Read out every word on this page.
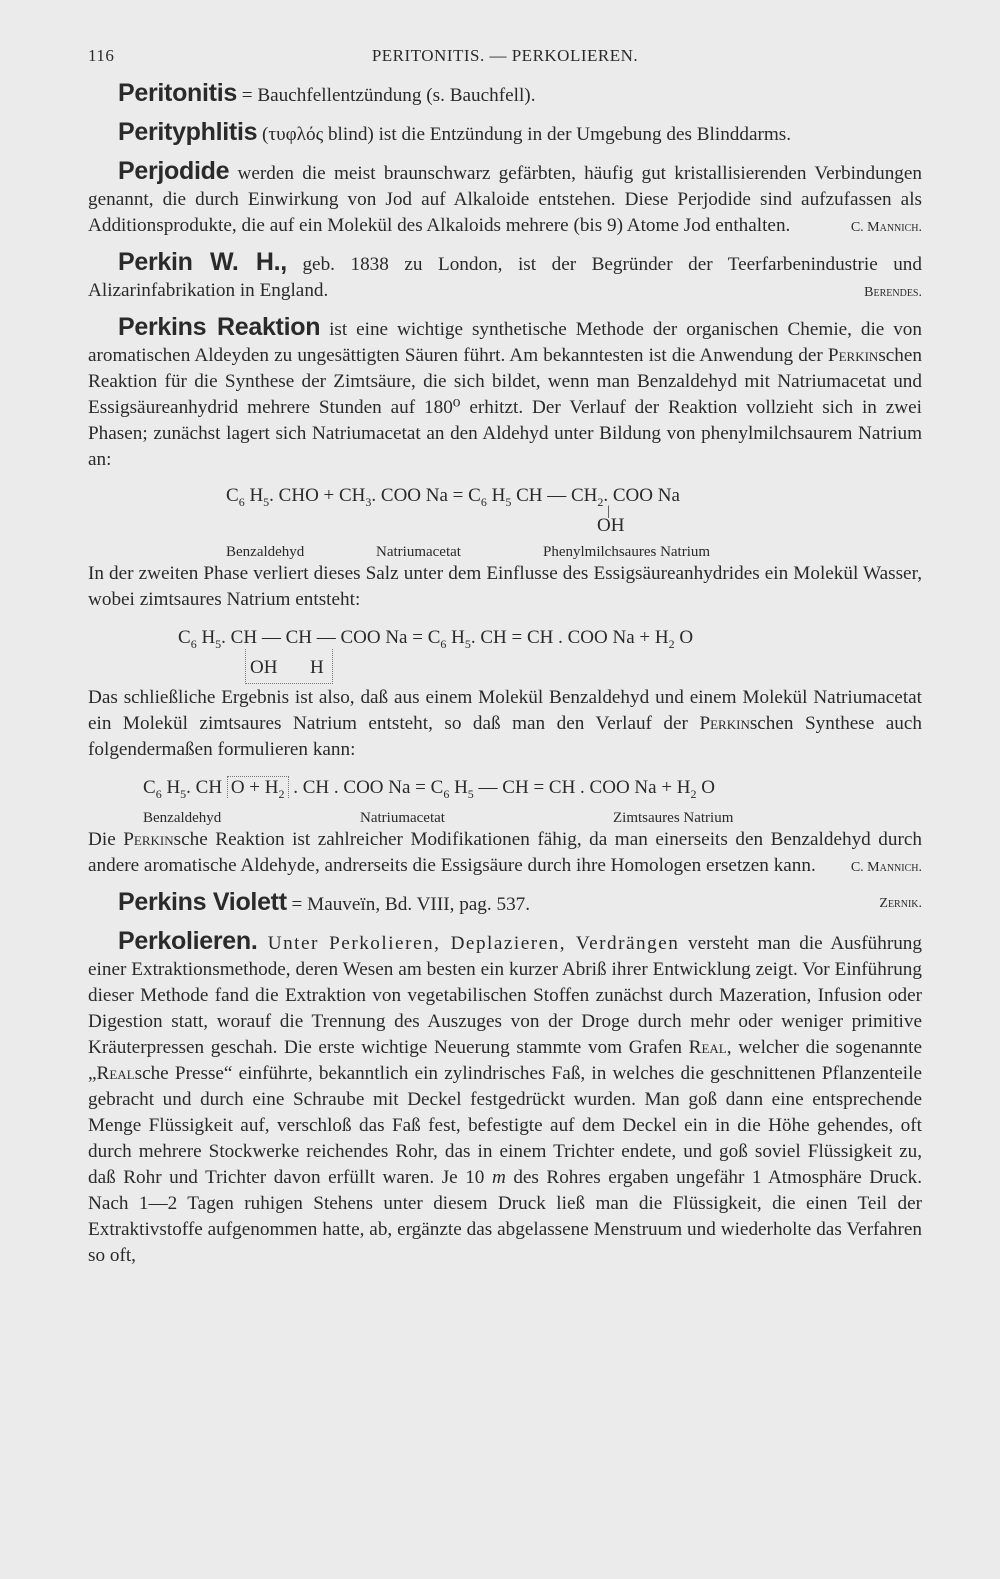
116	PERITONITIS. — PERKOLIEREN.

Peritonitis = Bauchfellentzündung (s. Bauchfell).

Perityphlitis (τυφλός blind) ist die Entzündung in der Umgebung des Blinddarms.

Perjodide werden die meist braunschwarz gefärbten, häufig gut kristallisierenden Verbindungen genannt, die durch Einwirkung von Jod auf Alkaloide entstehen. Diese Perjodide sind aufzufassen als Additionsprodukte, die auf ein Molekül des Alkaloids mehrere (bis 9) Atome Jod enthalten.	C. Mannich.

Perkin W. H., geb. 1838 zu London, ist der Begründer der Teerfarbenindustrie und Alizarinfabrikation in England.	Berendes.

Perkins Reaktion ist eine wichtige synthetische Methode der organischen Chemie, die von aromatischen Aldeyden zu ungesättigten Säuren führt. Am bekanntesten ist die Anwendung der Perkinschen Reaktion für die Synthese der Zimtsäure, die sich bildet, wenn man Benzaldehyd mit Natriumacetat und Essigsäureanhydrid mehrere Stunden auf 180⁰ erhitzt. Der Verlauf der Reaktion vollzieht sich in zwei Phasen; zunächst lagert sich Natriumacetat an den Aldehyd unter Bildung von phenylmilchsaurem Natrium an:

$C_6$ $H_5$. CHO + $CH_3$. COO $Na = C_6$ $H_5$ CH — $CH_2$. COO Na
|
OH
Benzaldehyd	Natriumacetat	Phenylmilchsaures Natrium

In der zweiten Phase verliert dieses Salz unter dem Einflusse des Essigsäureanhydrides ein Molekül Wasser, wobei zimtsaures Natrium entsteht:

$C_6$ $H_5$. CH — CH — COO $Na = C_6$ $H_5$. CH = CH . COO $Na + H_2$ O
OH H

Das schließliche Ergebnis ist also, daß aus einem Molekül Benzaldehyd und einem Molekül Natriumacetat ein Molekül zimtsaures Natrium entsteht, so daß man den Verlauf der Perkinschen Synthese auch folgendermaßen formulieren kann:

$C_6$ $H_5$. CH $O + H_2$ . CH . COO $Na = C_6$ $H_5$ — CH = CH . COO $Na + H_2$ O
Benzaldehyd	Natriumacetat	Zimtsaures Natrium

Die Perkinsche Reaktion ist zahlreicher Modifikationen fähig, da man einerseits den Benzaldehyd durch andere aromatische Aldehyde, andrerseits die Essigsäure durch ihre Homologen ersetzen kann.	C. Mannich.

Perkins Violett = Mauveïn, Bd. VIII, pag. 537.	Zernik.

Perkolieren. Unter Perkolieren, Deplazieren, Verdrängen versteht man die Ausführung einer Extraktionsmethode, deren Wesen am besten ein kurzer Abriß ihrer Entwicklung zeigt. Vor Einführung dieser Methode fand die Extraktion von vegetabilischen Stoffen zunächst durch Mazeration, Infusion oder Digestion statt, worauf die Trennung des Auszuges von der Droge durch mehr oder weniger primitive Kräuterpressen geschah. Die erste wichtige Neuerung stammte vom Grafen Real, welcher die sogenannte „Realsche Presse“ einführte, bekanntlich ein zylindrisches Faß, in welches die geschnittenen Pflanzenteile gebracht und durch eine Schraube mit Deckel festgedrückt wurden. Man goß dann eine entsprechende Menge Flüssigkeit auf, verschloß das Faß fest, befestigte auf dem Deckel ein in die Höhe gehendes, oft durch mehrere Stockwerke reichendes Rohr, das in einem Trichter endete, und goß soviel Flüssigkeit zu, daß Rohr und Trichter davon erfüllt waren. Je 10 m des Rohres ergaben ungefähr 1 Atmosphäre Druck. Nach 1—2 Tagen ruhigen Stehens unter diesem Druck ließ man die Flüssigkeit, die einen Teil der Extraktivstoffe aufgenommen hatte, ab, ergänzte das abgelassene Menstruum und wiederholte das Verfahren so oft,
